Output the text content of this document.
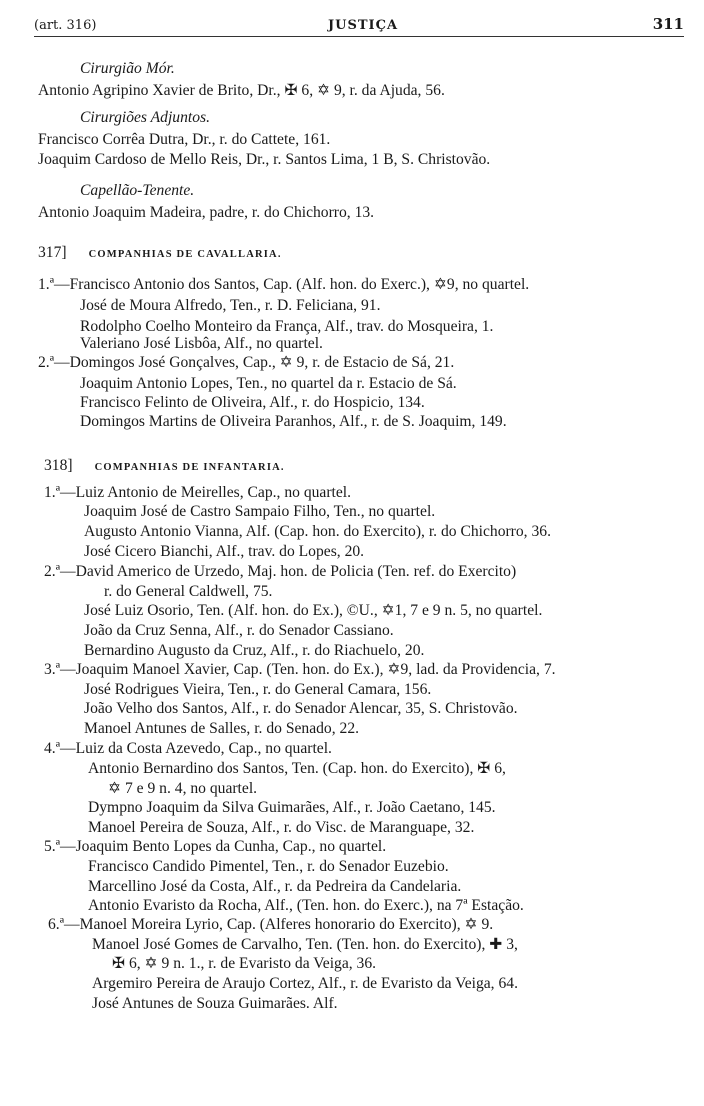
(art. 316)	JUSTIÇA	311
Cirurgião Mór.
Antonio Agripino Xavier de Brito, Dr., ✠ 6, ✡ 9, r. da Ajuda, 56.
Cirurgiões Adjuntos.
Francisco Corrêa Dutra, Dr., r. do Cattete, 161.
Joaquim Cardoso de Mello Reis, Dr., r. Santos Lima, 1 B, S. Christovão.
Capellão-Tenente.
Antonio Joaquim Madeira, padre, r. do Chichorro, 13.
317] COMPANHIAS DE CAVALLARIA.
1.ª—Francisco Antonio dos Santos, Cap. (Alf. hon. do Exerc.), ✡9, no quartel.
José de Moura Alfredo, Ten., r. D. Feliciana, 91.
Rodolpho Coelho Monteiro da França, Alf., trav. do Mosqueira, 1.
Valeriano José Lisbôa, Alf., no quartel.
2.ª—Domingos José Gonçalves, Cap., ✡ 9, r. de Estacio de Sá, 21.
Joaquim Antonio Lopes, Ten., no quartel da r. Estacio de Sá.
Francisco Felinto de Oliveira, Alf., r. do Hospicio, 134.
Domingos Martins de Oliveira Paranhos, Alf., r. de S. Joaquim, 149.
318] COMPANHIAS DE INFANTARIA.
1.ª—Luiz Antonio de Meirelles, Cap., no quartel.
Joaquim José de Castro Sampaio Filho, Ten., no quartel.
Augusto Antonio Vianna, Alf. (Cap. hon. do Exercito), r. do Chichorro, 36.
José Cicero Bianchi, Alf., trav. do Lopes, 20.
2.ª—David Americo de Urzedo, Maj. hon. de Policia (Ten. ref. do Exercito)
r. do General Caldwell, 75.
José Luiz Osorio, Ten. (Alf. hon. do Ex.), ©U., ✡1, 7 e 9 n. 5, no quartel.
João da Cruz Senna, Alf., r. do Senador Cassiano.
Bernardino Augusto da Cruz, Alf., r. do Riachuelo, 20.
3.ª—Joaquim Manoel Xavier, Cap. (Ten. hon. do Ex.), ✡9, lad. da Providencia, 7.
José Rodrigues Vieira, Ten., r. do General Camara, 156.
João Velho dos Santos, Alf., r. do Senador Alencar, 35, S. Christovão.
Manoel Antunes de Salles, r. do Senado, 22.
4.ª—Luiz da Costa Azevedo, Cap., no quartel.
Antonio Bernardino dos Santos, Ten. (Cap. hon. do Exercito), ✠ 6,
✡ 7 e 9 n. 4, no quartel.
Dympno Joaquim da Silva Guimarães, Alf., r. João Caetano, 145.
Manoel Pereira de Souza, Alf., r. do Visc. de Maranguape, 32.
5.ª—Joaquim Bento Lopes da Cunha, Cap., no quartel.
Francisco Candido Pimentel, Ten., r. do Senador Euzebio.
Marcellino José da Costa, Alf., r. da Pedreira da Candelaria.
Antonio Evaristo da Rocha, Alf., (Ten. hon. do Exerc.), na 7ª Estação.
6.ª—Manoel Moreira Lyrio, Cap. (Alferes honorario do Exercito), ✡ 9.
Manoel José Gomes de Carvalho, Ten. (Ten. hon. do Exercito), ✚ 3,
✠ 6, ✡ 9 n. 1., r. de Evaristo da Veiga, 36.
Argemiro Pereira de Araujo Cortez, Alf., r. de Evaristo da Veiga, 64.
José Antunes de Souza Guimarães. Alf.
